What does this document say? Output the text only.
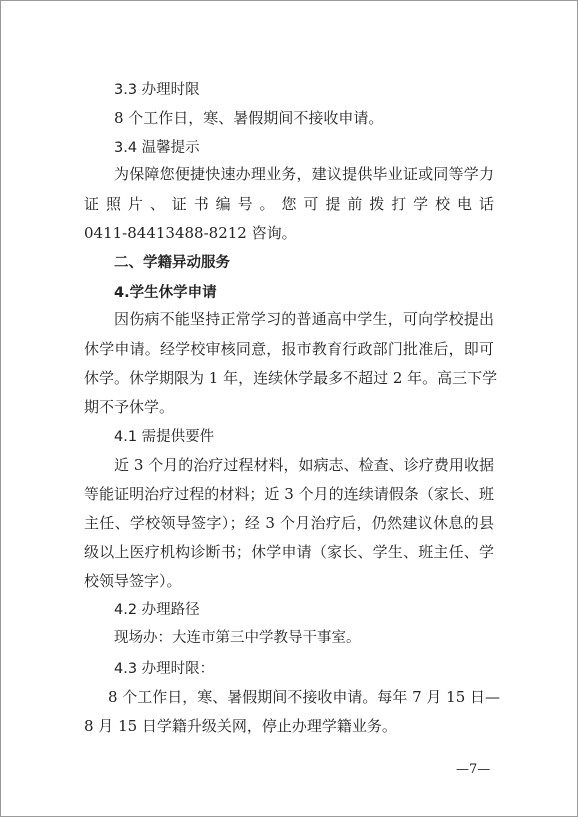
3.3 办理时限
8 个工作日，寒、暑假期间不接收申请。
3.4 温馨提示
为保障您便捷快速办理业务，建议提供毕业证或同等学力
证照片、证书编号。您可提前拨打学校电话
0411-84413488-8212 咨询。
二、学籍异动服务
4.学生休学申请
因伤病不能坚持正常学习的普通高中学生，可向学校提出
休学申请。经学校审核同意，报市教育行政部门批准后，即可
休学。休学期限为 1 年，连续休学最多不超过 2 年。高三下学
期不予休学。
4.1 需提供要件
近 3 个月的治疗过程材料，如病志、检查、诊疗费用收据
等能证明治疗过程的材料；近 3 个月的连续请假条（家长、班
主任、学校领导签字）；经 3 个月治疗后，仍然建议休息的县
级以上医疗机构诊断书；休学申请（家长、学生、班主任、学
校领导签字）。
4.2 办理路径
现场办：大连市第三中学教导干事室。
4.3 办理时限：
8 个工作日，寒、暑假期间不接收申请。每年 7 月 15 日—
8 月 15 日学籍升级关网，停止办理学籍业务。
—7—
